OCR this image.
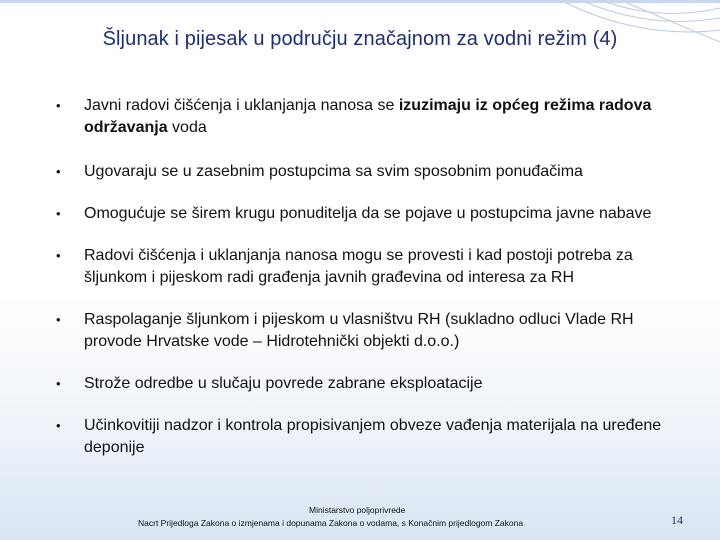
Šljunak i pijesak u području značajnom za vodni režim (4)
• Javni radovi čišćenja i uklanjanja nanosa se izuzimaju iz općeg režima radova održavanja voda
• Ugovaraju se u zasebnim postupcima sa svim sposobnim ponuđačima
• Omogućuje se širem krugu ponuditelja da se pojave u postupcima javne nabave
• Radovi čišćenja i uklanjanja nanosa mogu se provesti i kad postoji potreba za šljunkom i pijeskom radi građenja javnih građevina od interesa za RH
• Raspolaganje šljunkom i pijeskom u vlasništvu RH (sukladno odluci Vlade RH provode Hrvatske vode – Hidrotehnički objekti d.o.o.)
• Strože odredbe u slučaju povrede zabrane eksploatacije
• Učinkovitiji nadzor i kontrola propisivanjem obveze vađenja materijala na uređene deponije
Ministarstvo poljoprivrede
Nacrt Prijedloga Zakona o izmjenama i dopunama Zakona o vodama, s Konačnim prijedlogom Zakona	14
